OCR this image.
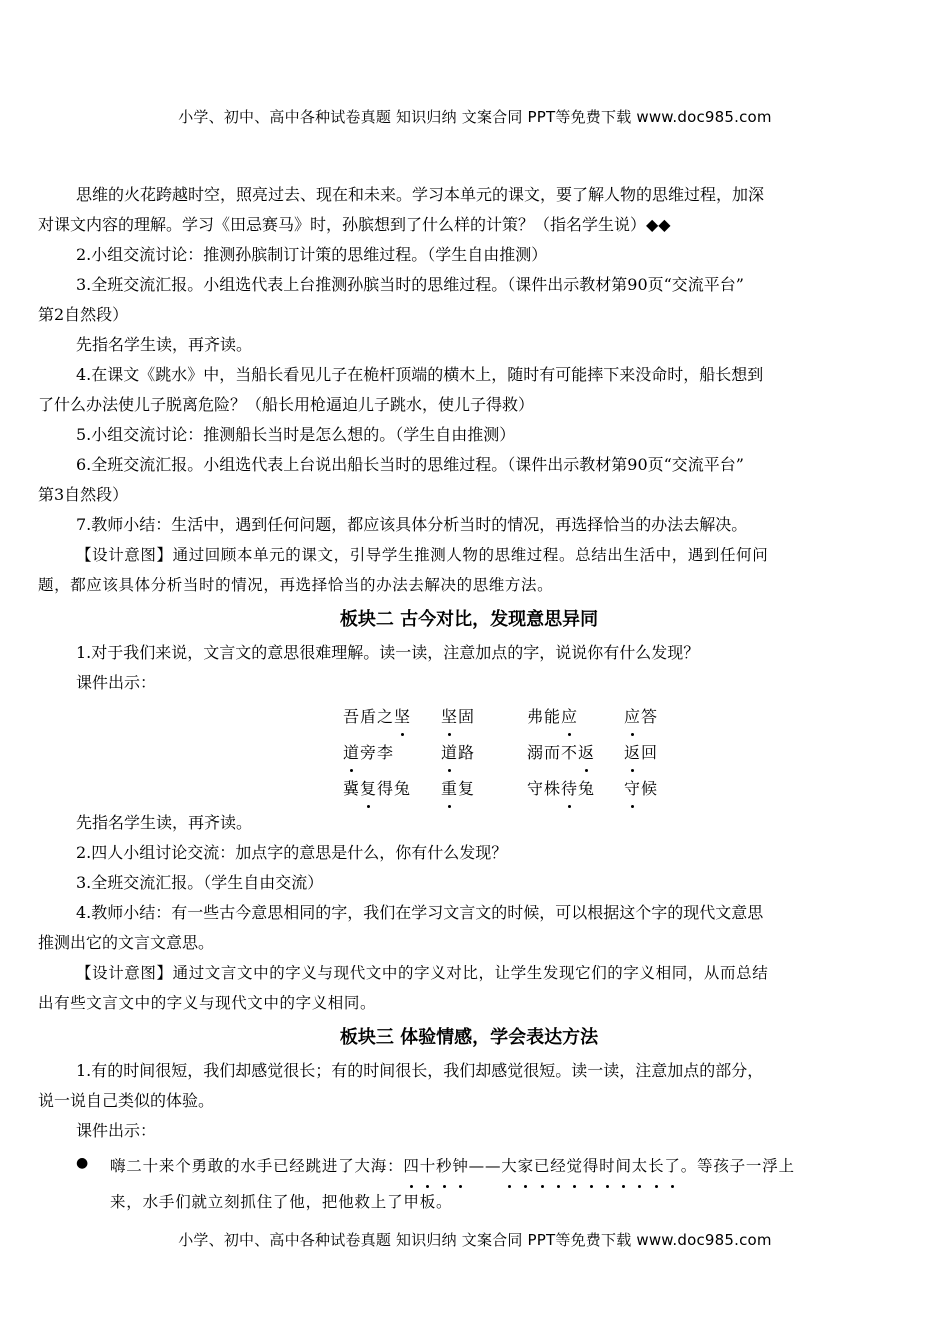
小学、初中、高中各种试卷真题 知识归纳 文案合同 PPT等免费下载 www.doc985.com

思维的火花跨越时空，照亮过去、现在和未来。学习本单元的课文，要了解人物的思维过程，加深

对课文内容的理解。学习《田忌赛马》时，孙膑想到了什么样的计策？（指名学生说）◆◆

2.小组交流讨论：推测孙膑制订计策的思维过程。（学生自由推测）

3.全班交流汇报。小组选代表上台推测孙膑当时的思维过程。（课件出示教材第90页“交流平台”

第2自然段）

先指名学生读，再齐读。

4.在课文《跳水》中，当船长看见儿子在桅杆顶端的横木上，随时有可能摔下来没命时，船长想到

了什么办法使儿子脱离危险？（船长用枪逼迫儿子跳水，使儿子得救）

5.小组交流讨论：推测船长当时是怎么想的。（学生自由推测）

6.全班交流汇报。小组选代表上台说出船长当时的思维过程。（课件出示教材第90页“交流平台”

第3自然段）

7.教师小结：生活中，遇到任何问题，都应该具体分析当时的情况，再选择恰当的办法去解决。

【设计意图】通过回顾本单元的课文，引导学生推测人物的思维过程。总结出生活中，遇到任何问

题，都应该具体分析当时的情况，再选择恰当的办法去解决的思维方法。

板块二 古今对比，发现意思异同

1.对于我们来说，文言文的意思很难理解。读一读，注意加点的字，说说你有什么发现？

课件出示：

吾盾之坚	坚固	弗能应	应答
道旁李	道路	溺而不返	返回
冀复得兔	重复	守株待兔	守候

先指名学生读，再齐读。

2.四人小组讨论交流：加点字的意思是什么，你有什么发现？

3.全班交流汇报。（学生自由交流）

4.教师小结：有一些古今意思相同的字，我们在学习文言文的时候，可以根据这个字的现代文意思

推测出它的文言文意思。

【设计意图】通过文言文中的字义与现代文中的字义对比，让学生发现它们的字义相同，从而总结

出有些文言文中的字义与现代文中的字义相同。

板块三 体验情感，学会表达方法

1.有的时间很短，我们却感觉很长；有的时间很长，我们却感觉很短。读一读，注意加点的部分，

说一说自己类似的体验。

课件出示：

●	嗨二十来个勇敢的水手已经跳进了大海：四十秒钟——大家已经觉得时间太长了。等孩子一浮上
来，水手们就立刻抓住了他，把他救上了甲板。
小学、初中、高中各种试卷真题 知识归纳 文案合同 PPT等免费下载 www.doc985.com
